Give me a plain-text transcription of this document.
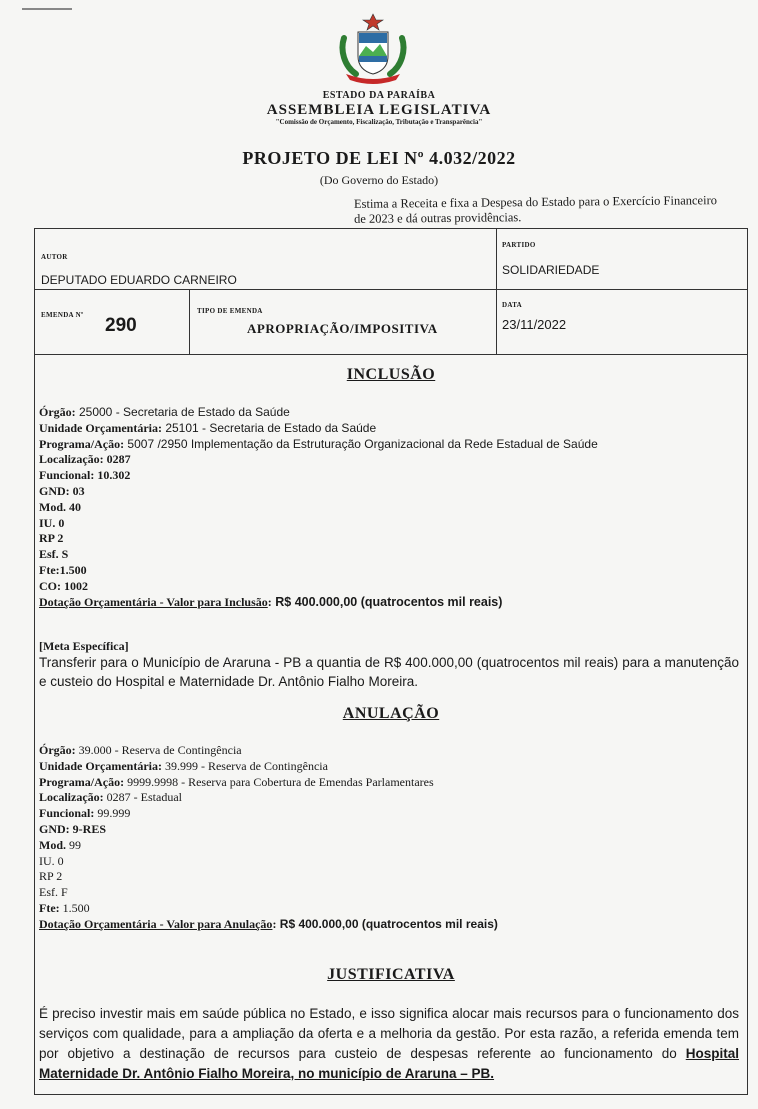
ESTADO DA PARAÍBA
ASSEMBLEIA LEGISLATIVA
"Comissão de Orçamento, Fiscalização, Tributação e Transparência"
PROJETO DE LEI Nº 4.032/2022
(Do Governo do Estado)
Estima a Receita e fixa a Despesa do Estado para o Exercício Financeiro de 2023 e dá outras providências.
AUTOR
DEPUTADO EDUARDO CARNEIRO
PARTIDO
SOLIDARIEDADE
EMENDA Nº 290
TIPO DE EMENDA
APROPRIAÇÃO/IMPOSITIVA
DATA
23/11/2022
INCLUSÃO
Órgão: 25000 - Secretaria de Estado da Saúde
Unidade Orçamentária: 25101 - Secretaria de Estado da Saúde
Programa/Ação: 5007 /2950 Implementação da Estruturação Organizacional da Rede Estadual de Saúde
Localização: 0287
Funcional: 10.302
GND: 03
Mod. 40
IU. 0
RP 2
Esf. S
Fte:1.500
CO: 1002
Dotação Orçamentária - Valor para Inclusão: R$ 400.000,00 (quatrocentos mil reais)
[Meta Específica]
Transferir para o Município de Araruna - PB a quantia de R$ 400.000,00 (quatrocentos mil reais) para a manutenção e custeio do Hospital e Maternidade Dr. Antônio Fialho Moreira.
ANULAÇÃO
Órgão: 39.000 - Reserva de Contingência
Unidade Orçamentária: 39.999 - Reserva de Contingência
Programa/Ação: 9999.9998 - Reserva para Cobertura de Emendas Parlamentares
Localização: 0287 - Estadual
Funcional: 99.999
GND: 9-RES
Mod. 99
IU. 0
RP 2
Esf. F
Fte: 1.500
Dotação Orçamentária - Valor para Anulação: R$ 400.000,00 (quatrocentos mil reais)
JUSTIFICATIVA
É preciso investir mais em saúde pública no Estado, e isso significa alocar mais recursos para o funcionamento dos serviços com qualidade, para a ampliação da oferta e a melhoria da gestão. Por esta razão, a referida emenda tem por objetivo a destinação de recursos para custeio de despesas referente ao funcionamento do Hospital Maternidade Dr. Antônio Fialho Moreira, no município de Araruna – PB.
